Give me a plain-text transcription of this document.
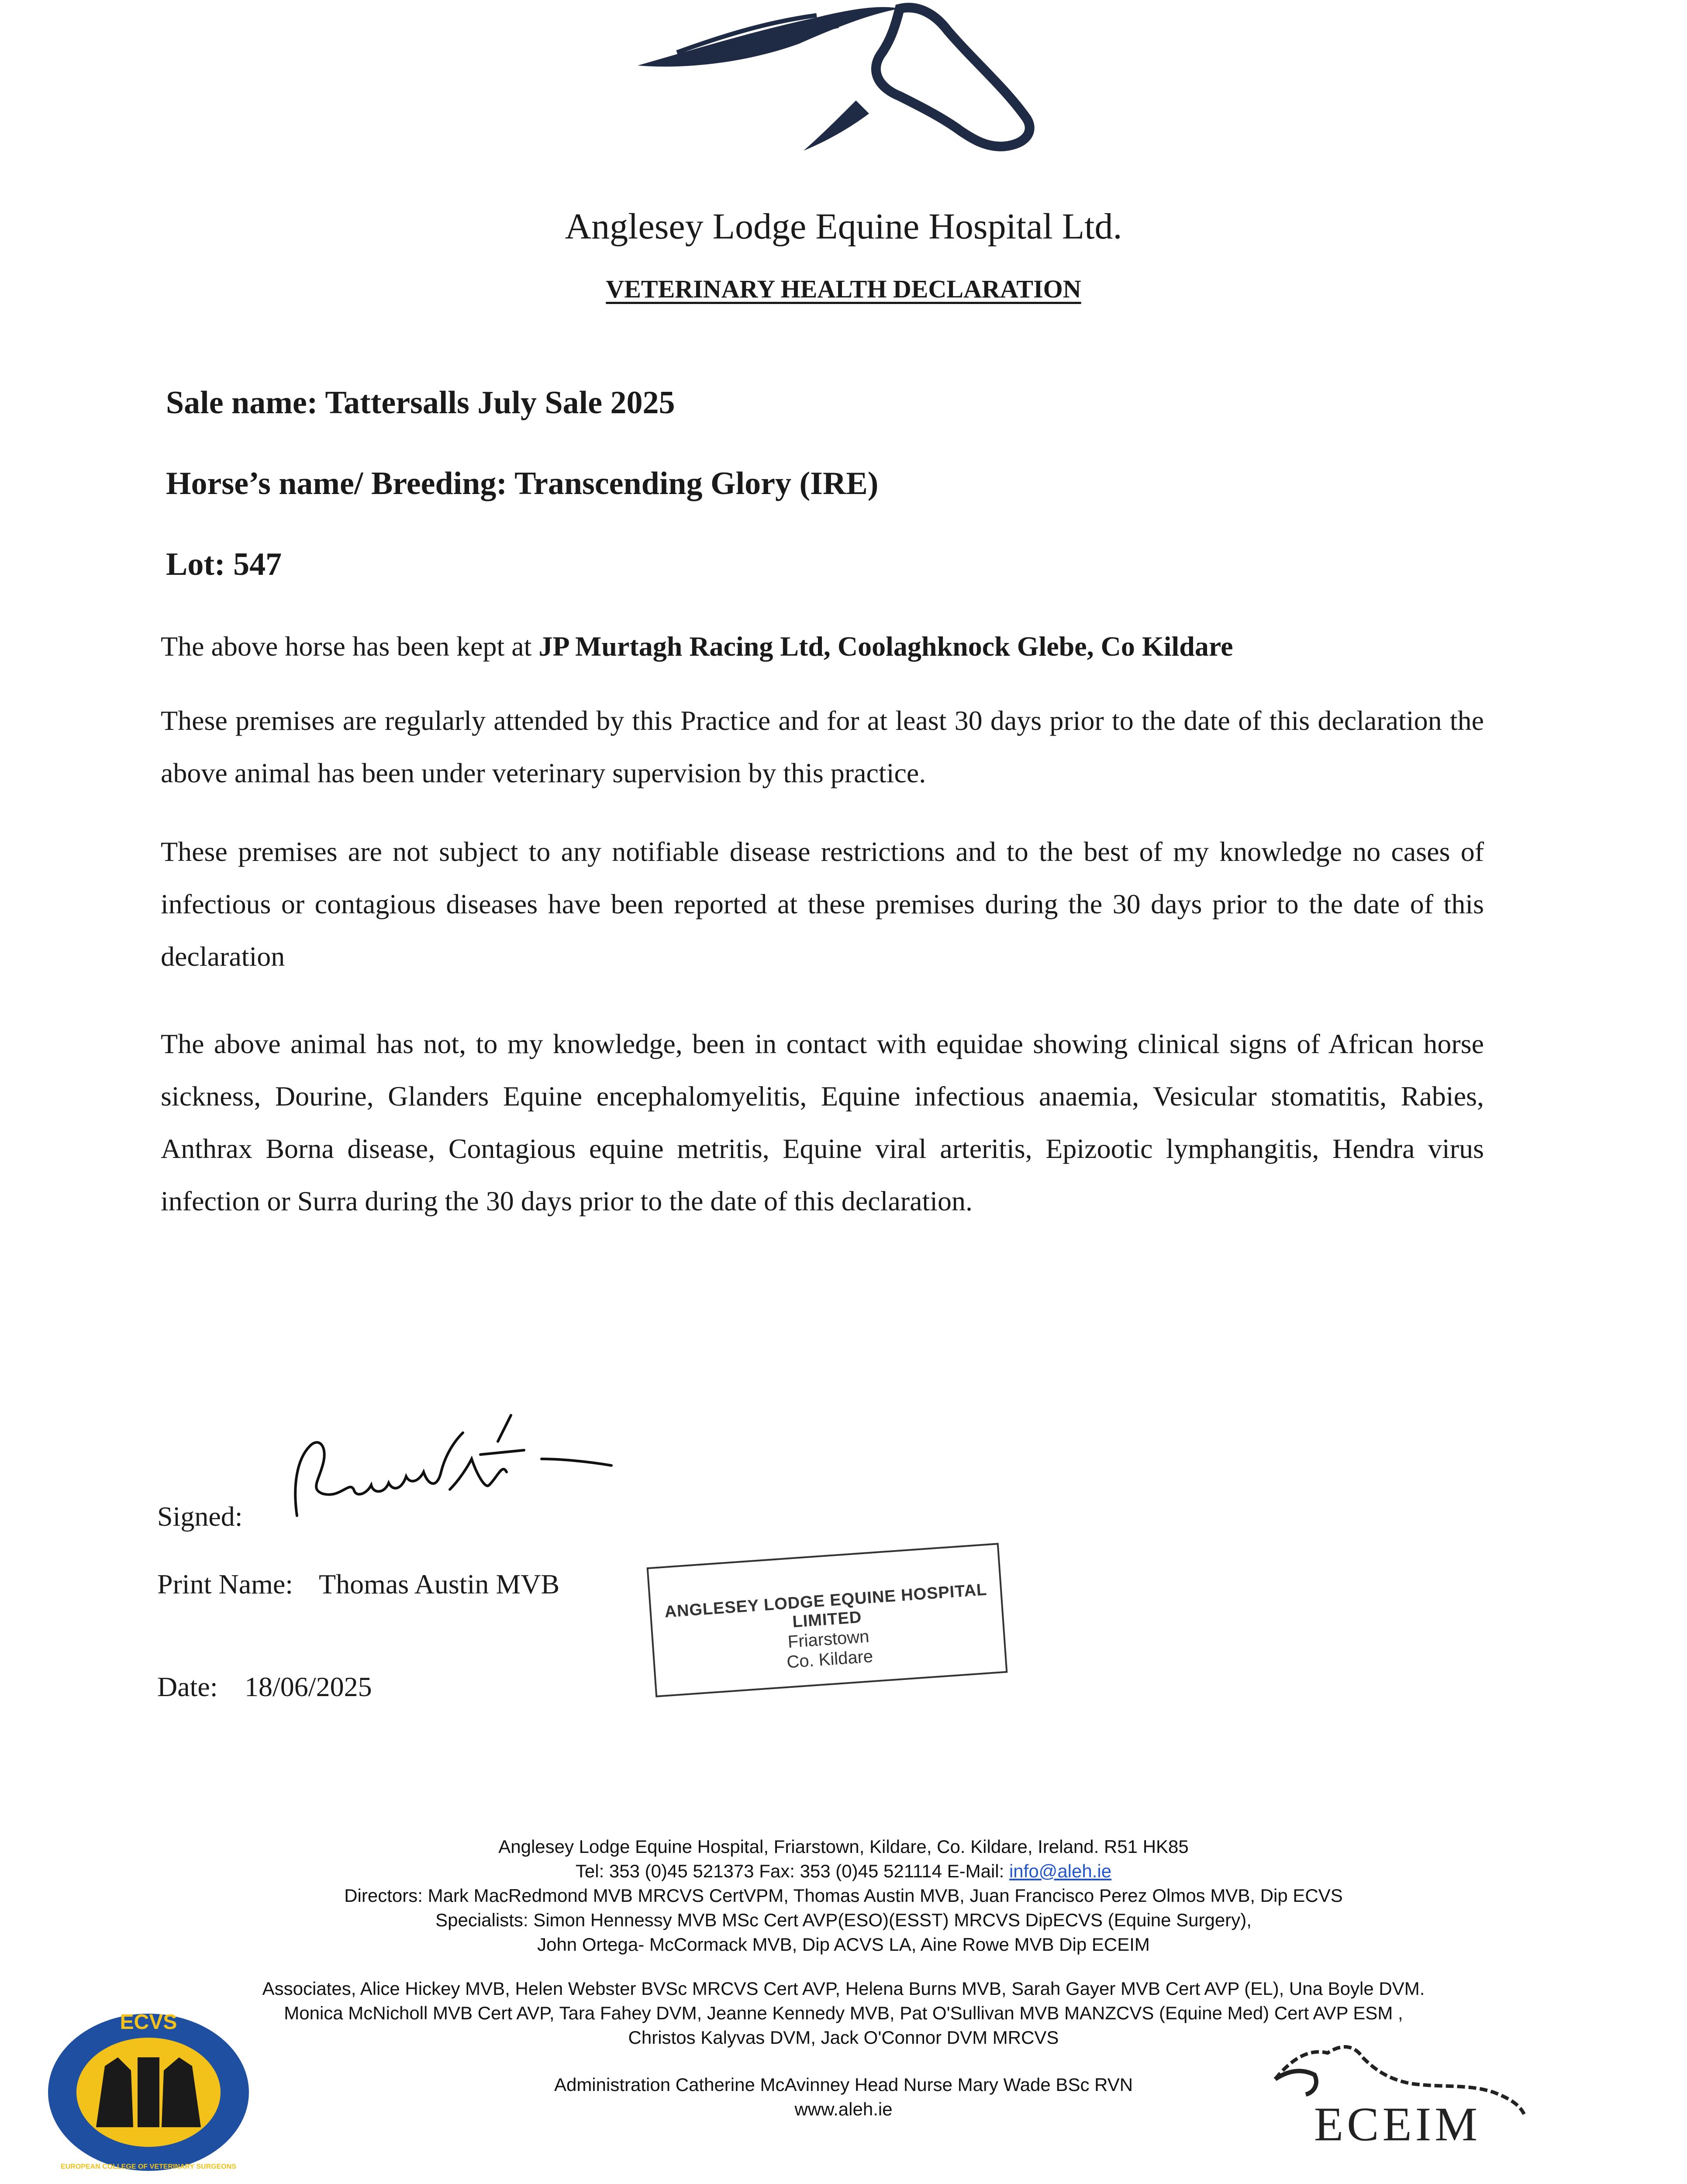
Anglesey Lodge Equine Hospital Ltd.
VETERINARY HEALTH DECLARATION
Sale name: Tattersalls July Sale 2025
Horse’s name/ Breeding: Transcending Glory (IRE)
Lot: 547
The above horse has been kept at JP Murtagh Racing Ltd, Coolaghknock Glebe, Co Kildare
These premises are regularly attended by this Practice and for at least 30 days prior to the date of this declaration the above animal has been under veterinary supervision by this practice.
These premises are not subject to any notifiable disease restrictions and to the best of my knowledge no cases of infectious or contagious diseases have been reported at these premises during the 30 days prior to the date of this declaration
The above animal has not, to my knowledge, been in contact with equidae showing clinical signs of African horse sickness, Dourine, Glanders Equine encephalomyelitis, Equine infectious anaemia, Vesicular stomatitis, Rabies, Anthrax Borna disease, Contagious equine metritis, Equine viral arteritis, Epizootic lymphangitis, Hendra virus infection or Surra during the 30 days prior to the date of this declaration.
Signed:
Print Name: Thomas Austin MVB
Date: 18/06/2025
ANGLESEY LODGE EQUINE HOSPITAL LIMITED
Friarstown
Co. Kildare
Anglesey Lodge Equine Hospital, Friarstown, Kildare, Co. Kildare, Ireland. R51 HK85
Tel: 353 (0)45 521373 Fax: 353 (0)45 521114 E-Mail: info@aleh.ie
Directors: Mark MacRedmond MVB MRCVS CertVPM, Thomas Austin MVB, Juan Francisco Perez Olmos MVB, Dip ECVS
Specialists: Simon Hennessy MVB MSc Cert AVP(ESO)(ESST) MRCVS DipECVS (Equine Surgery),
John Ortega- McCormack MVB, Dip ACVS LA, Aine Rowe MVB Dip ECEIM
Associates, Alice Hickey MVB, Helen Webster BVSc MRCVS Cert AVP, Helena Burns MVB, Sarah Gayer MVB Cert AVP (EL), Una Boyle DVM.
Monica McNicholl MVB Cert AVP, Tara Fahey DVM, Jeanne Kennedy MVB, Pat O'Sullivan MVB MANZCVS (Equine Med) Cert AVP ESM ,
Christos Kalyvas DVM, Jack O'Connor DVM MRCVS
Administration Catherine McAvinney Head Nurse Mary Wade BSc RVN
www.aleh.ie
ECVS
EUROPEAN COLLEGE OF VETERINARY SURGEONS
ECEIM
